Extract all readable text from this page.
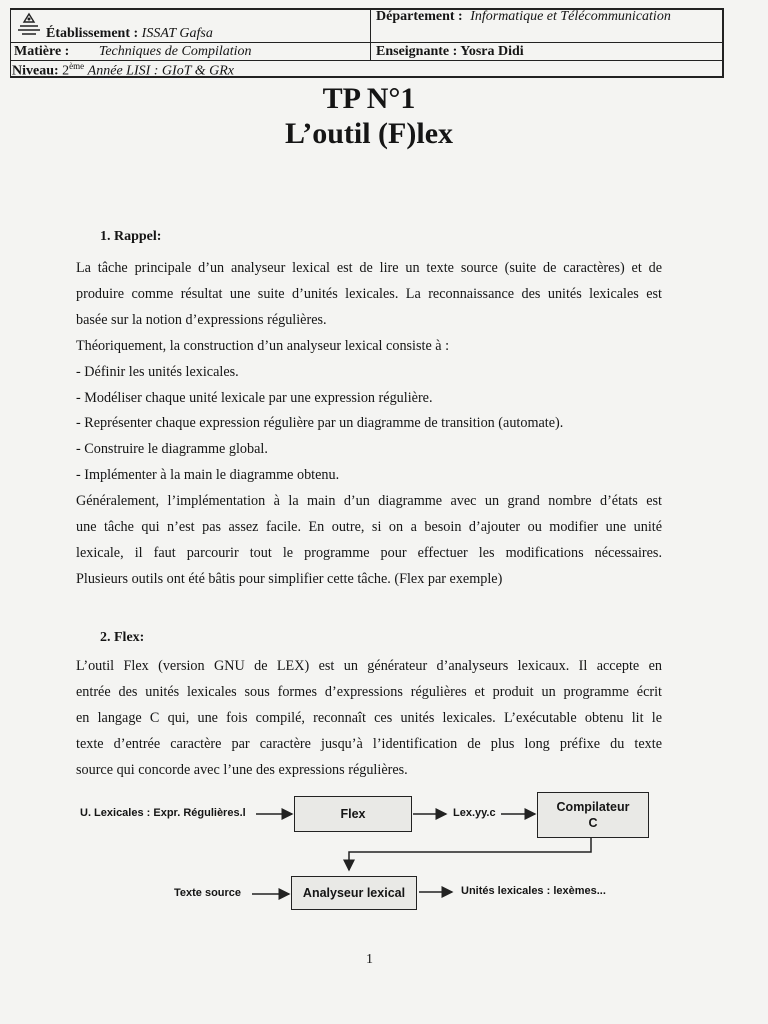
Établissement : ISSAT Gafsa
Département : Informatique et Télécommunication
Matière : Techniques de Compilation	Enseignante : Yosra Didi
Niveau: 2ème Année LISI : GIoT & GRx
TP N°1
L’outil (F)lex
1. Rappel:

La tâche principale d’un analyseur lexical est de lire un texte source (suite de caractères) et de

produire comme résultat une suite d’unités lexicales. La reconnaissance des unités lexicales est

basée sur la notion d’expressions régulières.

Théoriquement, la construction d’un analyseur lexical consiste à :

- Définir les unités lexicales.

- Modéliser chaque unité lexicale par une expression régulière.

- Représenter chaque expression régulière par un diagramme de transition (automate).

- Construire le diagramme global.

- Implémenter à la main le diagramme obtenu.

Généralement, l’implémentation à la main d’un diagramme avec un grand nombre d’états est

une tâche qui n’est pas assez facile. En outre, si on a besoin d’ajouter ou modifier une unité

lexicale, il faut parcourir tout le programme pour effectuer les modifications nécessaires.

Plusieurs outils ont été bâtis pour simplifier cette tâche. (Flex par exemple)

2. Flex:

L’outil Flex (version GNU de LEX) est un générateur d’analyseurs lexicaux. Il accepte en

entrée des unités lexicales sous formes d’expressions régulières et produit un programme écrit

en langage C qui, une fois compilé, reconnaît ces unités lexicales. L’exécutable obtenu lit le

texte d’entrée caractère par caractère jusqu’à l’identification de plus long préfixe du texte

source qui concorde avec l’une des expressions régulières.

U. Lexicales : Expr. Régulières.l	Flex	Lex.yy.c	Compilateur
C
Texte source	Analyseur lexical	Unités lexicales : lexèmes...
1
